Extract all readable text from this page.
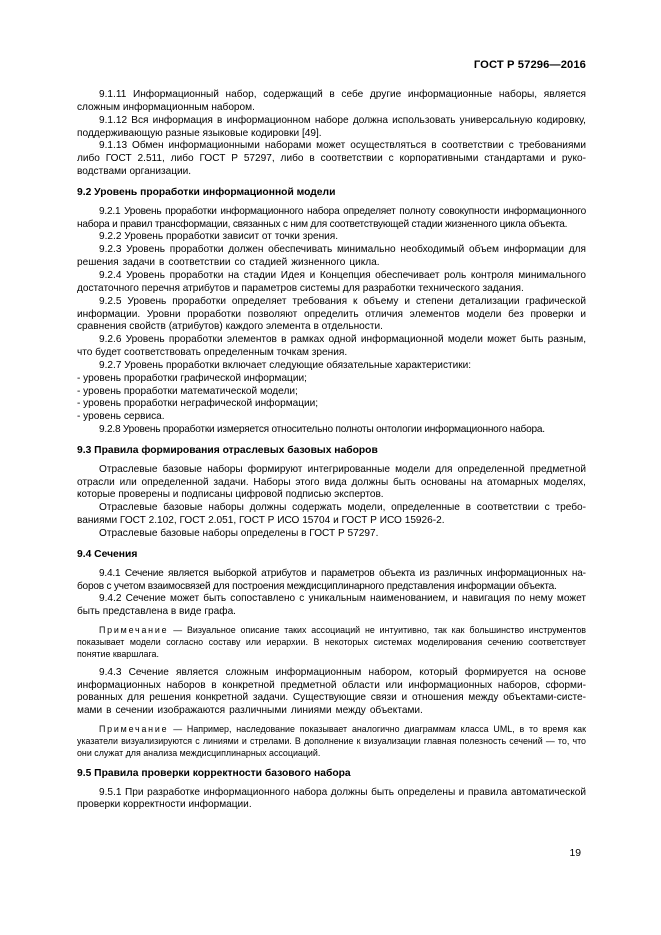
ГОСТ Р 57296—2016

9.1.11 Информационный набор, содержащий в себе другие информационные наборы, является сложным информационным набором.

9.1.12 Вся информация в информационном наборе должна использовать универсальную кодировку, поддерживающую разные языковые кодировки [49].

9.1.13 Обмен информационными наборами может осуществляться в соответствии с требованиями либо ГОСТ 2.511, либо ГОСТ Р 57297, либо в соответствии с корпоративными стандартами и руководствами организации.

9.2 Уровень проработки информационной модели

9.2.1 Уровень проработки информационного набора определяет полноту совокупности информационного набора и правил трансформации, связанных с ним для соответствующей стадии жизненного цикла объекта.

9.2.2 Уровень проработки зависит от точки зрения.

9.2.3 Уровень проработки должен обеспечивать минимально необходимый объем информации для решения задачи в соответствии со стадией жизненного цикла.

9.2.4 Уровень проработки на стадии Идея и Концепция обеспечивает роль контроля минимального достаточного перечня атрибутов и параметров системы для разработки технического задания.

9.2.5 Уровень проработки определяет требования к объему и степени детализации графической информации. Уровни проработки позволяют определить отличия элементов модели без проверки и сравнения свойств (атрибутов) каждого элемента в отдельности.

9.2.6 Уровень проработки элементов в рамках одной информационной модели может быть разным, что будет соответствовать определенным точкам зрения.

9.2.7 Уровень проработки включает следующие обязательные характеристики:

- уровень проработки графической информации;

- уровень проработки математической модели;

- уровень проработки неграфической информации;

- уровень сервиса.

9.2.8 Уровень проработки измеряется относительно полноты онтологии информационного набора.

9.3 Правила формирования отраслевых базовых наборов

Отраслевые базовые наборы формируют интегрированные модели для определенной предметной отрасли или определенной задачи. Наборы этого вида должны быть основаны на атомарных моделях, которые проверены и подписаны цифровой подписью экспертов.

Отраслевые базовые наборы должны содержать модели, определенные в соответствии с требованиями ГОСТ 2.102, ГОСТ 2.051, ГОСТ Р ИСО 15704 и ГОСТ Р ИСО 15926-2.

Отраслевые базовые наборы определены в ГОСТ Р 57297.

9.4 Сечения

9.4.1 Сечение является выборкой атрибутов и параметров объекта из различных информационных наборов с учетом взаимосвязей для построения междисциплинарного представления информации объекта.

9.4.2 Сечение может быть сопоставлено с уникальным наименованием, и навигация по нему может быть представлена в виде графа.

Примечание — Визуальное описание таких ассоциаций не интуитивно, так как большинство инструментов показывает модели согласно составу или иерархии. В некоторых системах моделирования сечению соответствует понятие кваршлага.

9.4.3 Сечение является сложным информационным набором, который формируется на основе информационных наборов в конкретной предметной области или информационных наборов, сформированных для решения конкретной задачи. Существующие связи и отношения между объектами-системами в сечении изображаются различными линиями между объектами.

Примечание — Например, наследование показывает аналогично диаграммам класса UML, в то время как указатели визуализируются с линиями и стрелами. В дополнение к визуализации главная полезность сечений — то, что они служат для анализа междисциплинарных ассоциаций.

9.5 Правила проверки корректности базового набора

9.5.1 При разработке информационного набора должны быть определены и правила автоматической проверки корректности информации.

19
